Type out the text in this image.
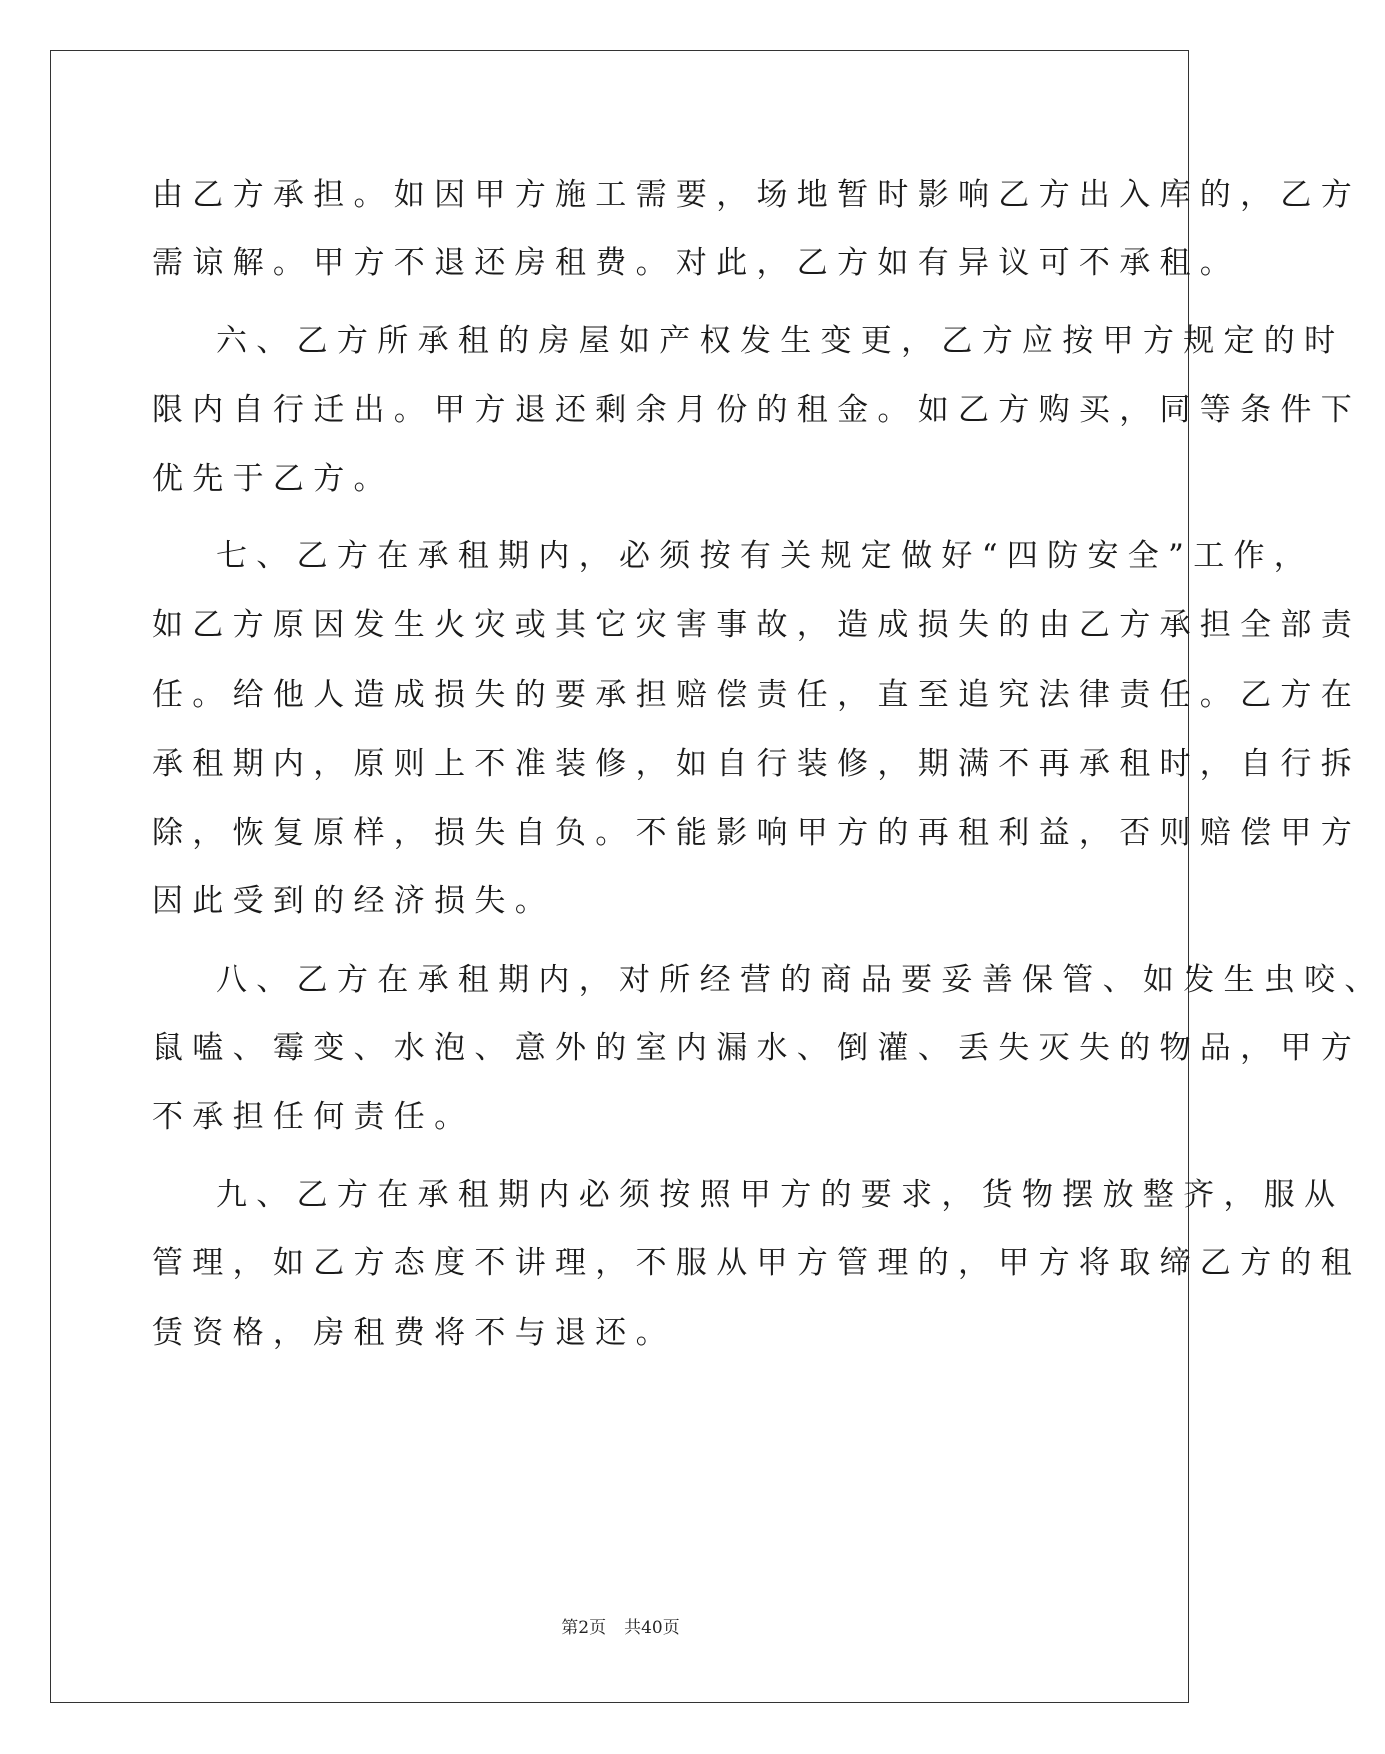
由乙方承担。如因甲方施工需要，场地暂时影响乙方出入库的，乙方
需谅解。甲方不退还房租费。对此，乙方如有异议可不承租。
六、乙方所承租的房屋如产权发生变更，乙方应按甲方规定的时
限内自行迁出。甲方退还剩余月份的租金。如乙方购买，同等条件下
优先于乙方。
七、乙方在承租期内，必须按有关规定做好“四防安全”工作，
如乙方原因发生火灾或其它灾害事故，造成损失的由乙方承担全部责
任。给他人造成损失的要承担赔偿责任，直至追究法律责任。乙方在
承租期内，原则上不准装修，如自行装修，期满不再承租时，自行拆
除，恢复原样，损失自负。不能影响甲方的再租利益，否则赔偿甲方
因此受到的经济损失。
八、乙方在承租期内，对所经营的商品要妥善保管、如发生虫咬、
鼠嗑、霉变、水泡、意外的室内漏水、倒灌、丢失灭失的物品，甲方
不承担任何责任。
九、乙方在承租期内必须按照甲方的要求，货物摆放整齐，服从
管理，如乙方态度不讲理，不服从甲方管理的，甲方将取缔乙方的租
赁资格，房租费将不与退还。
第2页 共40页
